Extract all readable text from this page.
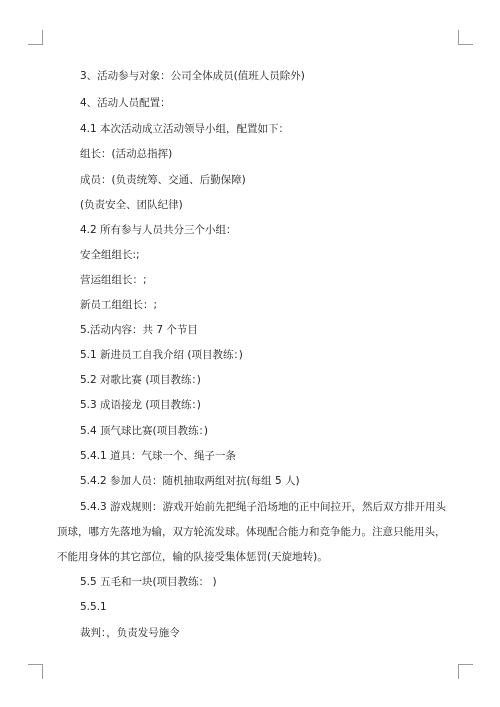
3、活动参与对象：公司全体成员(值班人员除外)
4、活动人员配置：
4.1 本次活动成立活动领导小组，配置如下：
组长：(活动总指挥)
成员：(负责统筹、交通、后勤保障)
(负责安全、团队纪律)
4.2 所有参与人员共分三个小组：
安全组组长:;
营运组组长：;
新员工组组长：;
5.活动内容：共 7 个节目
5.1 新进员工自我介绍 (项目教练：)
5.2 对歌比赛 (项目教练：)
5.3 成语接龙 (项目教练：)
5.4 顶气球比赛(项目教练：)
5.4.1 道具：气球一个、绳子一条
5.4.2 参加人员：随机抽取两组对抗(每组 5 人)
5.4.3 游戏规则：游戏开始前先把绳子沿场地的正中间拉开，然后双方排开用头
顶球，哪方先落地为输，双方轮流发球。体现配合能力和竞争能力。注意只能用头，
不能用身体的其它部位，输的队接受集体惩罚(天旋地转)。
5.5 五毛和一块(项目教练： )
5.5.1
裁判：，负责发号施令
